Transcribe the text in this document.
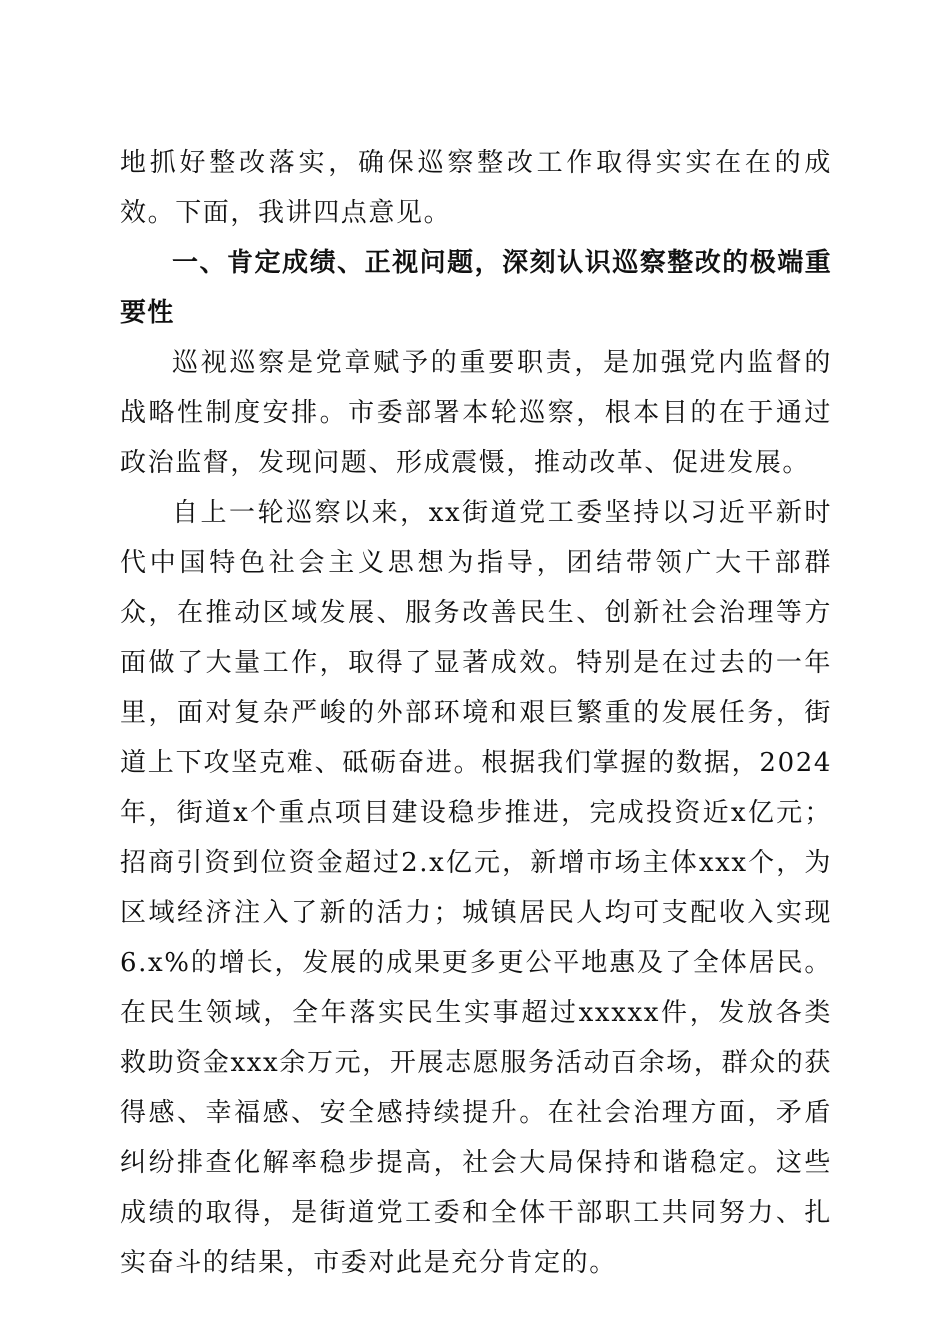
地抓好整改落实，确保巡察整改工作取得实实在在的成效。下面，我讲四点意见。

一、肯定成绩、正视问题，深刻认识巡察整改的极端重要性

巡视巡察是党章赋予的重要职责，是加强党内监督的战略性制度安排。市委部署本轮巡察，根本目的在于通过政治监督，发现问题、形成震慑，推动改革、促进发展。

自上一轮巡察以来，xx街道党工委坚持以习近平新时代中国特色社会主义思想为指导，团结带领广大干部群众，在推动区域发展、服务改善民生、创新社会治理等方面做了大量工作，取得了显著成效。特别是在过去的一年里，面对复杂严峻的外部环境和艰巨繁重的发展任务，街道上下攻坚克难、砥砺奋进。根据我们掌握的数据，2024年，街道x个重点项目建设稳步推进，完成投资近x亿元；招商引资到位资金超过2.x亿元，新增市场主体xxx个，为区域经济注入了新的活力；城镇居民人均可支配收入实现6.x%的增长，发展的成果更多更公平地惠及了全体居民。在民生领域，全年落实民生实事超过xxxxx件，发放各类救助资金xxx余万元，开展志愿服务活动百余场，群众的获得感、幸福感、安全感持续提升。在社会治理方面，矛盾纠纷排查化解率稳步提高，社会大局保持和谐稳定。这些成绩的取得，是街道党工委和全体干部职工共同努力、扎实奋斗的结果，市委对此是充分肯定的。
